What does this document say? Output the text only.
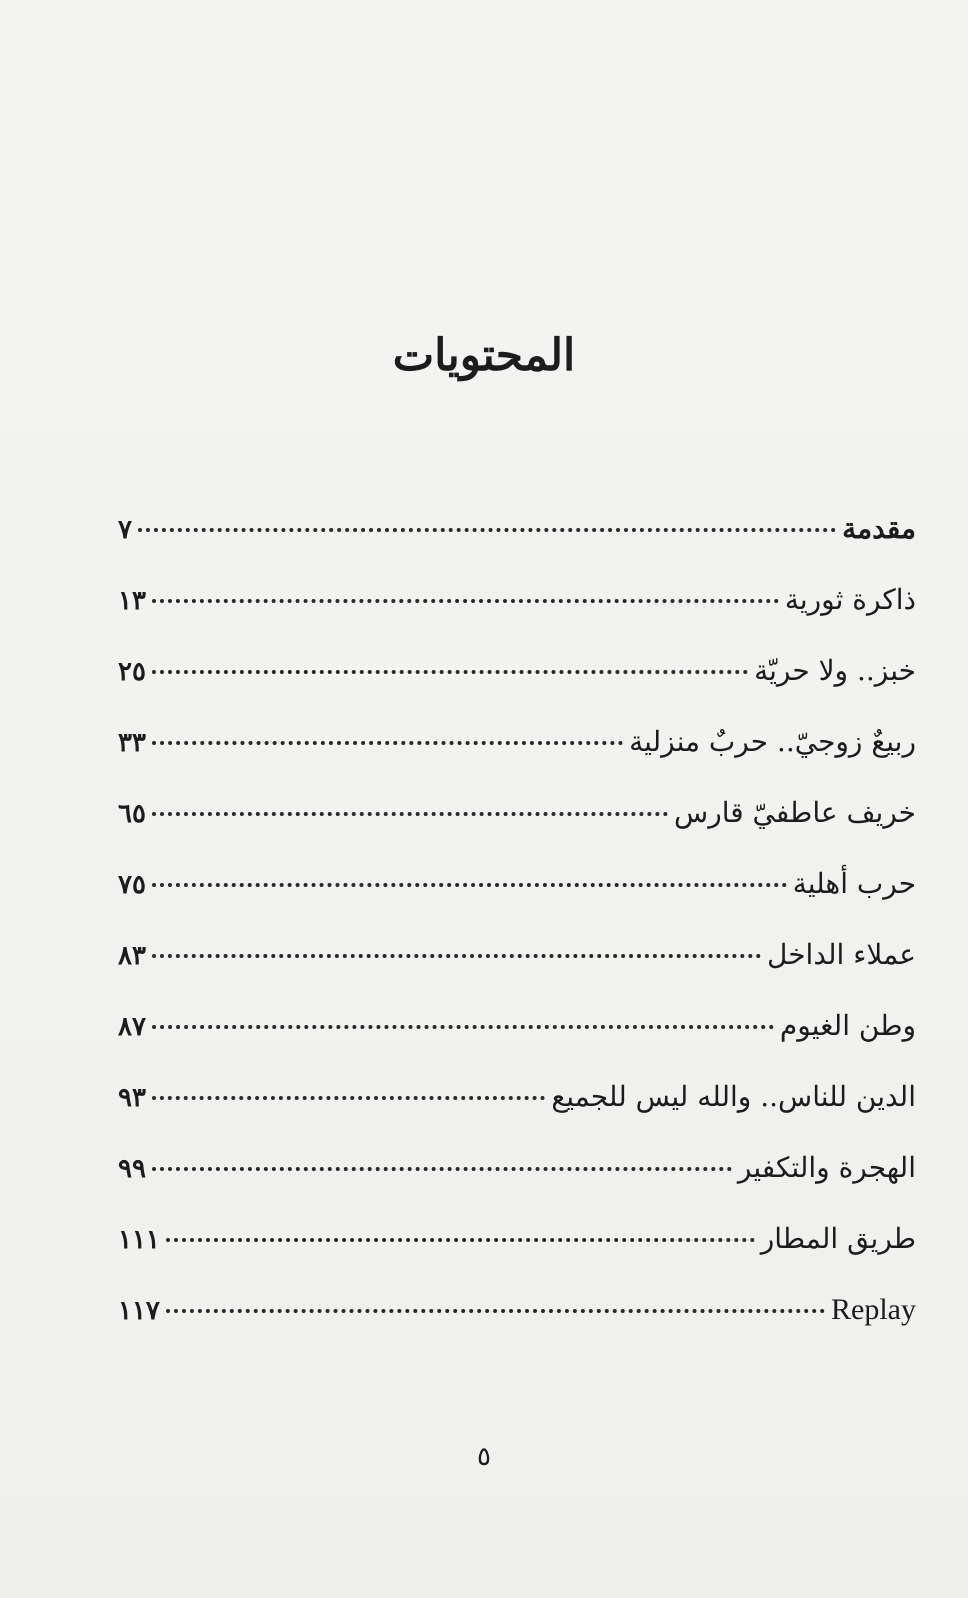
المحتويات
مقدمة
٧
ذاكرة ثورية
١٣
خبز.. ولا حريّة
٢٥
ربيعٌ زوجيّ.. حربٌ منزلية
٣٣
خريف عاطفيّ قارس
٦٥
حرب أهلية
٧٥
عملاء الداخل
٨٣
وطن الغيوم
٨٧
الدين للناس.. والله ليس للجميع
٩٣
الهجرة والتكفير
٩٩
طريق المطار
١١١
Replay
١١٧
٥
